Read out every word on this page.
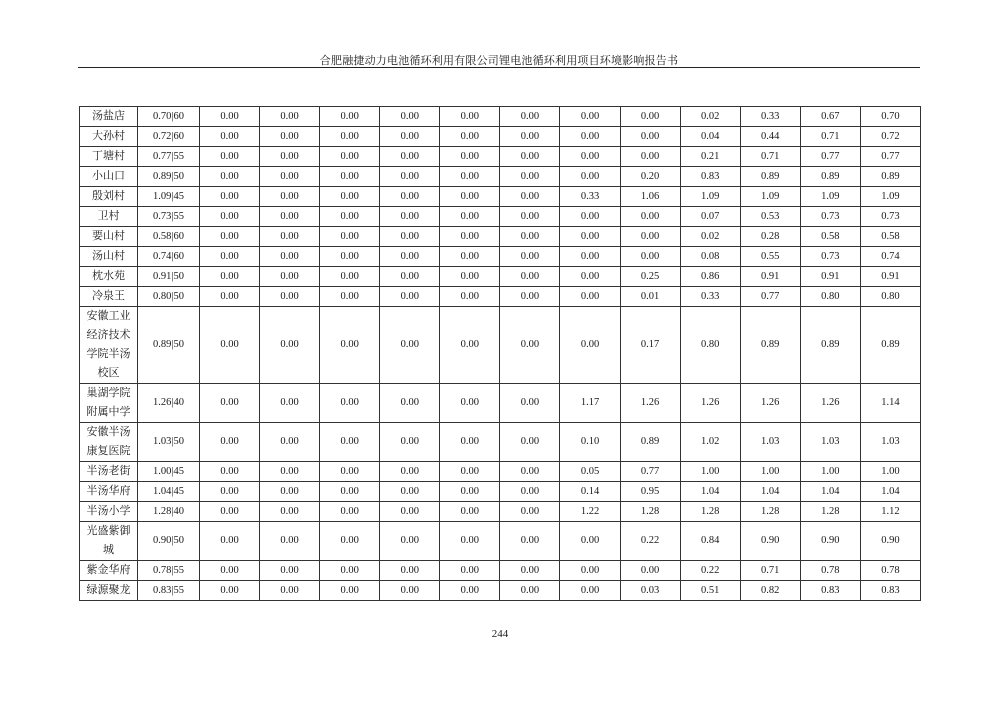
合肥融捷动力电池循环利用有限公司锂电池循环利用项目环境影响报告书
汤盐店	0.70|60	0.00	0.00	0.00	0.00	0.00	0.00	0.00	0.00	0.02	0.33	0.67	0.70
大孙村	0.72|60	0.00	0.00	0.00	0.00	0.00	0.00	0.00	0.00	0.04	0.44	0.71	0.72
丁塘村	0.77|55	0.00	0.00	0.00	0.00	0.00	0.00	0.00	0.00	0.21	0.71	0.77	0.77
小山口	0.89|50	0.00	0.00	0.00	0.00	0.00	0.00	0.00	0.20	0.83	0.89	0.89	0.89
殷刘村	1.09|45	0.00	0.00	0.00	0.00	0.00	0.00	0.33	1.06	1.09	1.09	1.09	1.09
卫村	0.73|55	0.00	0.00	0.00	0.00	0.00	0.00	0.00	0.00	0.07	0.53	0.73	0.73
要山村	0.58|60	0.00	0.00	0.00	0.00	0.00	0.00	0.00	0.00	0.02	0.28	0.58	0.58
汤山村	0.74|60	0.00	0.00	0.00	0.00	0.00	0.00	0.00	0.00	0.08	0.55	0.73	0.74
枕水苑	0.91|50	0.00	0.00	0.00	0.00	0.00	0.00	0.00	0.25	0.86	0.91	0.91	0.91
冷泉王	0.80|50	0.00	0.00	0.00	0.00	0.00	0.00	0.00	0.01	0.33	0.77	0.80	0.80
安徽工业经济技术学院半汤校区	0.89|50	0.00	0.00	0.00	0.00	0.00	0.00	0.00	0.17	0.80	0.89	0.89	0.89
巢湖学院附属中学	1.26|40	0.00	0.00	0.00	0.00	0.00	0.00	1.17	1.26	1.26	1.26	1.26	1.14
安徽半汤康复医院	1.03|50	0.00	0.00	0.00	0.00	0.00	0.00	0.10	0.89	1.02	1.03	1.03	1.03
半汤老街	1.00|45	0.00	0.00	0.00	0.00	0.00	0.00	0.05	0.77	1.00	1.00	1.00	1.00
半汤华府	1.04|45	0.00	0.00	0.00	0.00	0.00	0.00	0.14	0.95	1.04	1.04	1.04	1.04
半汤小学	1.28|40	0.00	0.00	0.00	0.00	0.00	0.00	1.22	1.28	1.28	1.28	1.28	1.12
光盛紫御城	0.90|50	0.00	0.00	0.00	0.00	0.00	0.00	0.00	0.22	0.84	0.90	0.90	0.90
紫金华府	0.78|55	0.00	0.00	0.00	0.00	0.00	0.00	0.00	0.00	0.22	0.71	0.78	0.78
绿源聚龙	0.83|55	0.00	0.00	0.00	0.00	0.00	0.00	0.00	0.03	0.51	0.82	0.83	0.83
244
